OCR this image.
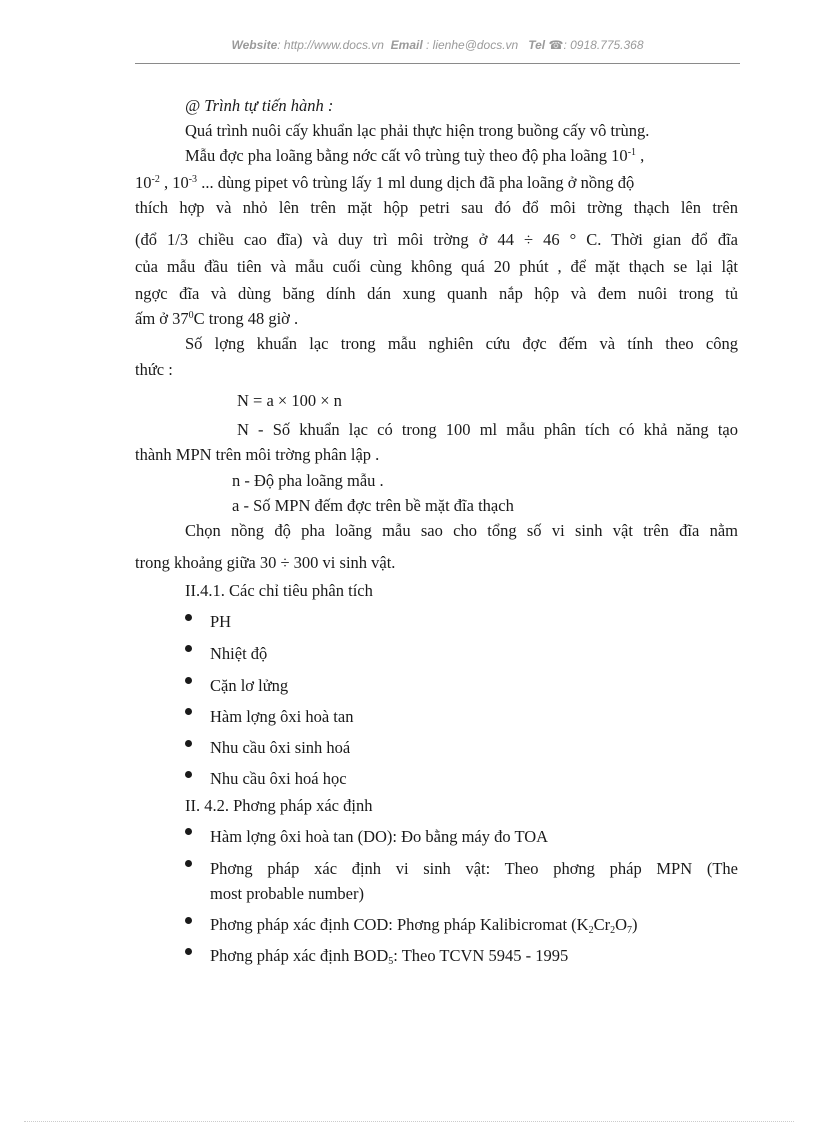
Website: http://www.docs.vn Email : lienhe@docs.vn Tel ☎: 0918.775.368
@ Trình tự tiến hành :
Quá trình nuôi cấy khuẩn lạc phải thực hiện trong buồng cấy vô trùng.
Mẫu đợc pha loãng bằng nớc cất vô trùng tuỳ theo độ pha loãng $10^{-1}$ ,
$10^{-2}$ , $10^{-3}$ ... dùng pipet vô trùng lấy 1 ml dung dịch đã pha loãng ở nồng độ
thích hợp và nhỏ lên trên mặt hộp petri sau đó đổ môi trờng thạch lên trên
(đổ 1/3 chiều cao đĩa) và duy trì môi trờng ở 44 ÷ 46 ° C. Thời gian đổ đĩa
của mẫu đầu tiên và mẫu cuối cùng không quá 20 phút , để mặt thạch se lại lật
ngợc đĩa và dùng băng dính dán xung quanh nắp hộp và đem nuôi trong tủ
ấm ở $37^0C$ trong 48 giờ .
Số lợng khuẩn lạc trong mẫu nghiên cứu đợc đếm và tính theo công
thức :
N = a × 100 × n
N - Số khuẩn lạc có trong 100 ml mẫu phân tích có khả năng tạo
thành MPN trên môi trờng phân lập .
n - Độ pha loãng mẫu .
a - Số MPN đếm đợc trên bề mặt đĩa thạch
Chọn nồng độ pha loãng mẫu sao cho tổng số vi sinh vật trên đĩa nằm
trong khoảng giữa 30 ÷ 300 vi sinh vật.
II.4.1. Các chỉ tiêu phân tích
PH
Nhiệt độ
Cặn lơ lửng
Hàm lợng ôxi hoà tan
Nhu cầu ôxi sinh hoá
Nhu cầu ôxi hoá học
II. 4.2. Phơng pháp xác định
Hàm lợng ôxi hoà tan (DO): Đo bằng máy đo TOA
Phơng pháp xác định vi sinh vật: Theo phơng pháp MPN (The
most probable number)
Phơng pháp xác định COD: Phơng pháp Kalibicromat $(K_2Cr_2O_7)$
Phơng pháp xác định $BOD_5$: Theo TCVN 5945 - 1995
